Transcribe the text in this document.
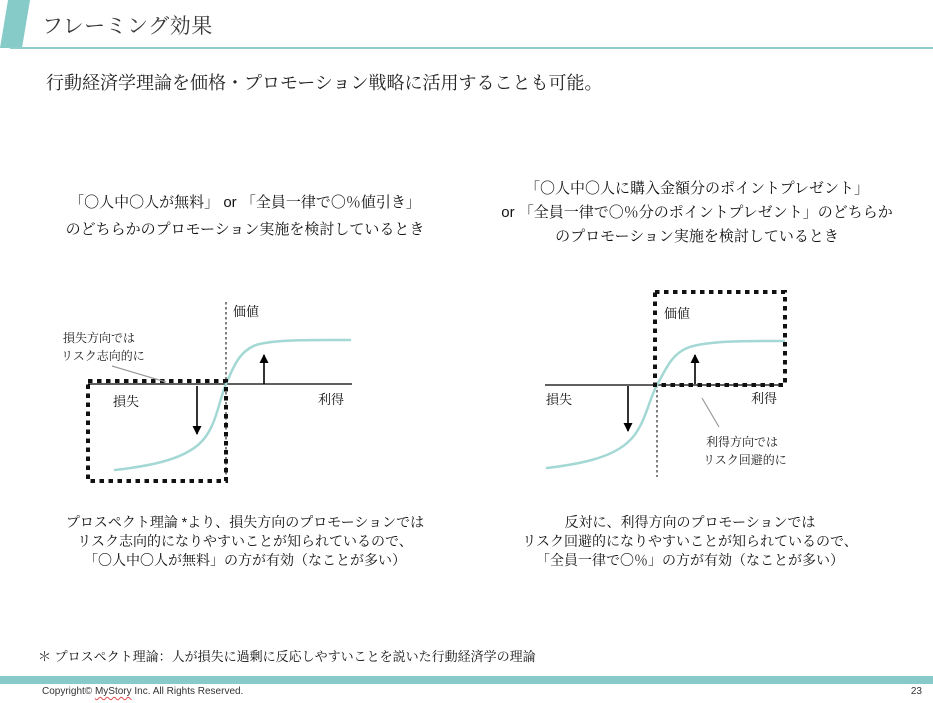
フレーミング効果
行動経済学理論を価格・プロモーション戦略に活用することも可能。
「〇人中〇人が無料」 or 「全員一律で〇％値引き」
のどちらかのプロモーション実施を検討しているとき
「〇人中〇人に購入金額分のポイントプレゼント」
or 「全員一律で〇％分のポイントプレゼント」のどちらか
のプロモーション実施を検討しているとき
価値
損失	利得
損失方向では
リスク志向的に
価値
損失	利得
利得方向では
リスク回避的に
プロスペクト理論 *より、損失方向のプロモーションでは
リスク志向的になりやすいことが知られているので、
「〇人中〇人が無料」の方が有効（なことが多い）
反対に、利得方向のプロモーションでは
リスク回避的になりやすいことが知られているので、
「全員一律で〇％」の方が有効（なことが多い）
＊ プロスペクト理論：人が損失に過剰に反応しやすいことを説いた行動経済学の理論
Copyright© MyStory Inc. All Rights Reserved.	23
